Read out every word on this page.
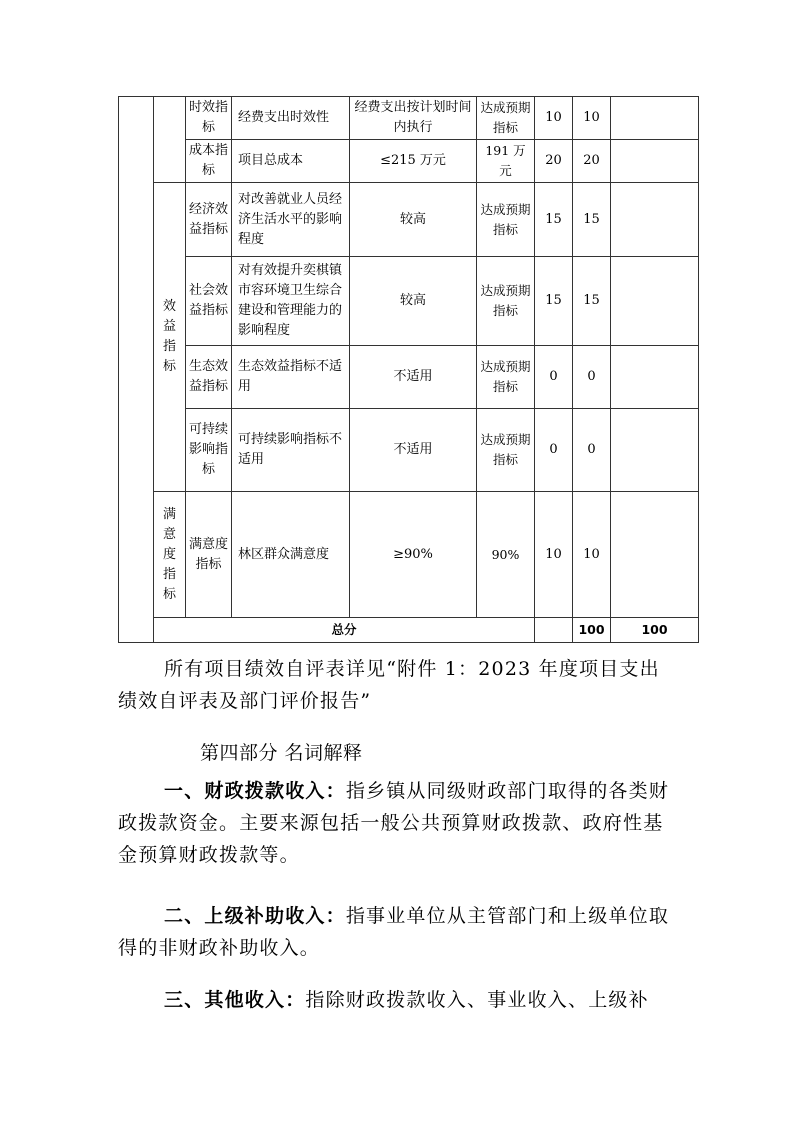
		时效指标	经费支出时效性	经费支出按计划时间内执行	达成预期指标	10	10		
		成本指标	项目总成本	≤215 万元	191 万元	20	20		
	效益指标	经济效益指标	对改善就业人员经济生活水平的影响程度	较高	达成预期指标	15	15		
		社会效益指标	对有效提升奕棋镇市容环境卫生综合建设和管理能力的影响程度	较高	达成预期指标	15	15		
		生态效益指标	生态效益指标不适用	不适用	达成预期指标	0	0		
		可持续影响指标	可持续影响指标不适用	不适用	达成预期指标	0	0		
	满意度指标	满意度指标	林区群众满意度	≥90%	90%	10	10		
	总分						100	100	
所有项目绩效自评表详见“附件 1：2023 年度项目支出绩效自评表及部门评价报告”
第四部分 名词解释
一、财政拨款收入：指乡镇从同级财政部门取得的各类财政拨款资金。主要来源包括一般公共预算财政拨款、政府性基金预算财政拨款等。
二、上级补助收入：指事业单位从主管部门和上级单位取得的非财政补助收入。
三、其他收入：指除财政拨款收入、事业收入、上级补
